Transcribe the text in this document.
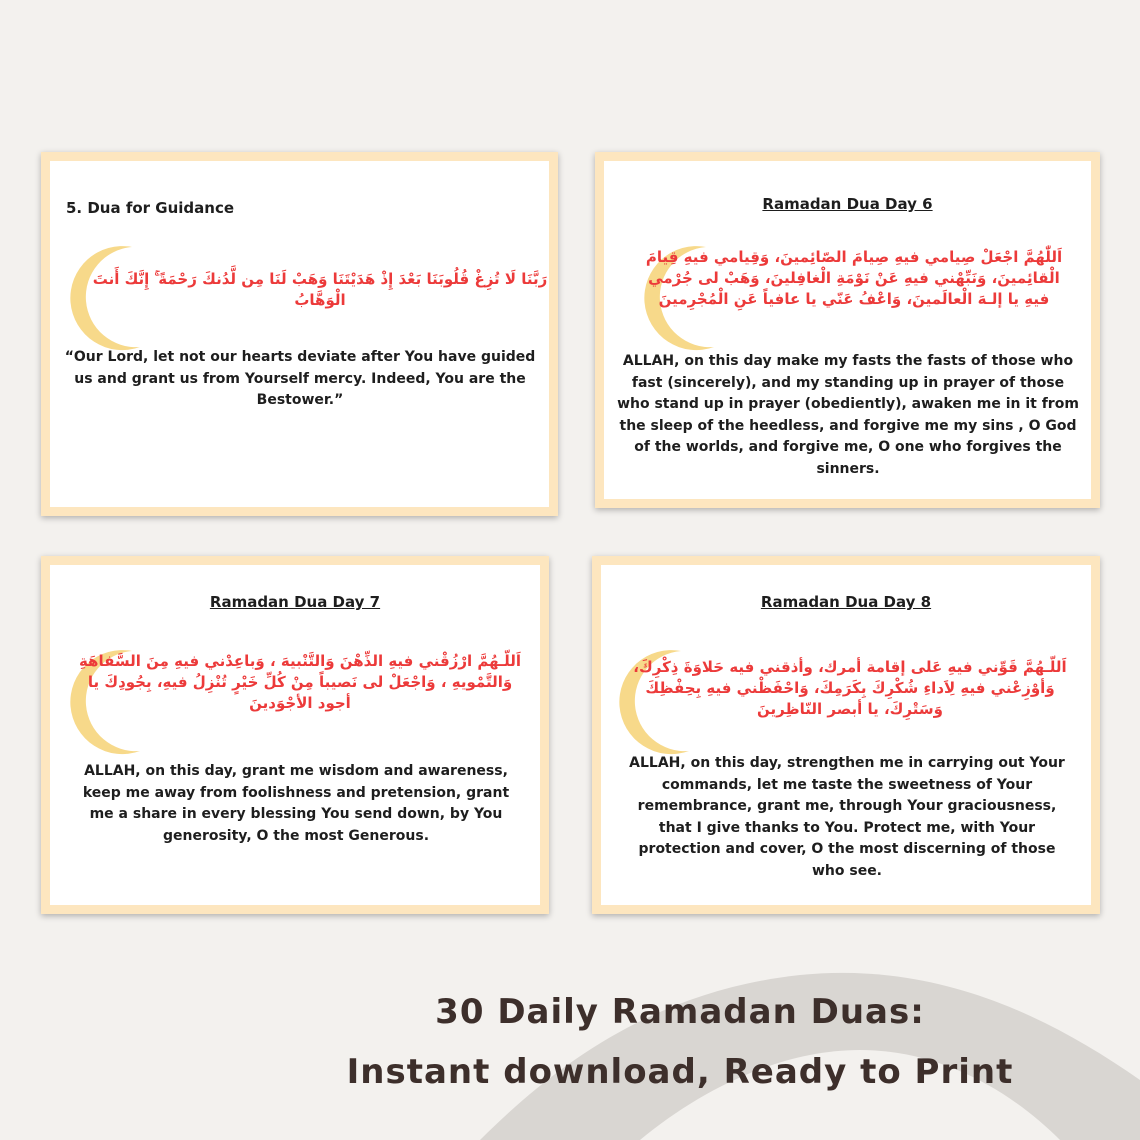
5. Dua for Guidance
رَبَّنَا لَا تُزِغْ قُلُوبَنَا بَعْدَ إِذْ هَدَيْتَنَا وَهَبْ لَنَا مِن لَّدُنكَ رَحْمَةً ۚ إِنَّكَ أَنتَ الْوَهَّابُ
“Our Lord, let not our hearts deviate after You have guided us and grant us from Yourself mercy. Indeed, You are the Bestower.”
Ramadan Dua Day 6
اَللّٰهُمَّ اجْعَلْ صِيامي فيهِ صِيامَ الصّائِمينَ، وَقِيامي فيهِ قِيامَ الْقائِمينَ، وَنَبِّهْني فيهِ عَنْ نَوْمَةِ الْغافِلينَ، وَهَبْ لى جُرْمي فيهِ يا إلـهَ الْعالَمينَ، وَاعْفُ عَنّي يا عافياً عَنِ الْمُجْرِمينَ
ALLAH, on this day make my fasts the fasts of those who fast (sincerely), and my standing up in prayer of those who stand up in prayer (obediently), awaken me in it from the sleep of the heedless, and forgive me my sins , O God of the worlds, and forgive me, O one who forgives the sinners.
Ramadan Dua Day 7
اَللّـهُمَّ ارْزُقْني فيهِ الذِّهْنَ وَالتَّنْبيهَ ، وَباعِدْني فيهِ مِنَ السَّفاهَةِ وَالتَّمْويهِ ، وَاجْعَلْ لى نَصيباً مِنْ كُلِّ خَيْرٍ تُنْزِلُ فيهِ، بِجُودِكَ يا أجود الأجْوَدينَ
ALLAH, on this day, grant me wisdom and awareness, keep me away from foolishness and pretension, grant me a share in every blessing You send down, by You generosity, O the most Generous.
Ramadan Dua Day 8
اَللّـهُمَّ قَوِّني فيهِ عَلى إقامة أمرك، وأذقني فيه حَلاوَةَ ذِكْرِكَ، وَأوْزِعْني فيهِ لِاَداءِ شُكْرِكَ بِكَرَمِكَ، وَاحْفَظْني فيهِ بِحِفْظِكَ وَسَتْرِكَ، يا أبصر النّاظِرينَ
ALLAH, on this day, strengthen me in carrying out Your commands, let me taste the sweetness of Your remembrance, grant me, through Your graciousness, that I give thanks to You. Protect me, with Your protection and cover, O the most discerning of those who see.
30 Daily Ramadan Duas:
Instant download, Ready to Print
